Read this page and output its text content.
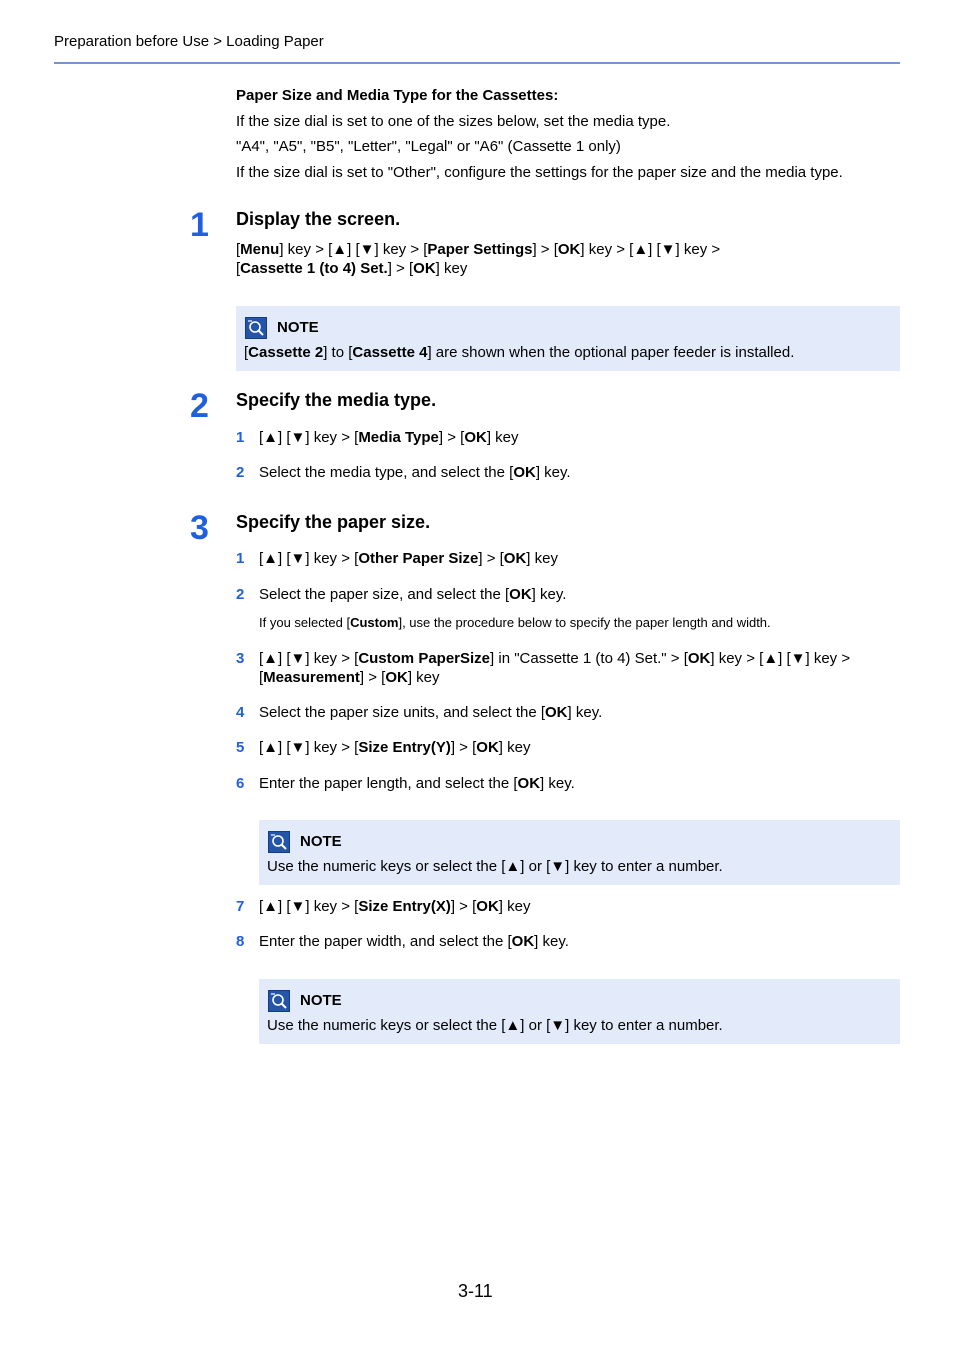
Preparation before Use > Loading Paper
Paper Size and Media Type for the Cassettes:
If the size dial is set to one of the sizes below, set the media type.
"A4", "A5", "B5", "Letter", "Legal" or "A6" (Cassette 1 only)
If the size dial is set to "Other", configure the settings for the paper size and the media type.
1 Display the screen.
[Menu] key > [▲] [▼] key > [Paper Settings] > [OK] key > [▲] [▼] key >
[Cassette 1 (to 4) Set.] > [OK] key
NOTE
[Cassette 2] to [Cassette 4] are shown when the optional paper feeder is installed.
2 Specify the media type.
1 [▲] [▼] key > [Media Type] > [OK] key
2 Select the media type, and select the [OK] key.
3 Specify the paper size.
1 [▲] [▼] key > [Other Paper Size] > [OK] key
2 Select the paper size, and select the [OK] key.
If you selected [Custom], use the procedure below to specify the paper length and width.
3 [▲] [▼] key > [Custom PaperSize] in "Cassette 1 (to 4) Set." > [OK] key > [▲] [▼] key >
[Measurement] > [OK] key
4 Select the paper size units, and select the [OK] key.
5 [▲] [▼] key > [Size Entry(Y)] > [OK] key
6 Enter the paper length, and select the [OK] key.
NOTE
Use the numeric keys or select the [▲] or [▼] key to enter a number.
7 [▲] [▼] key > [Size Entry(X)] > [OK] key
8 Enter the paper width, and select the [OK] key.
NOTE
Use the numeric keys or select the [▲] or [▼] key to enter a number.
3-11
